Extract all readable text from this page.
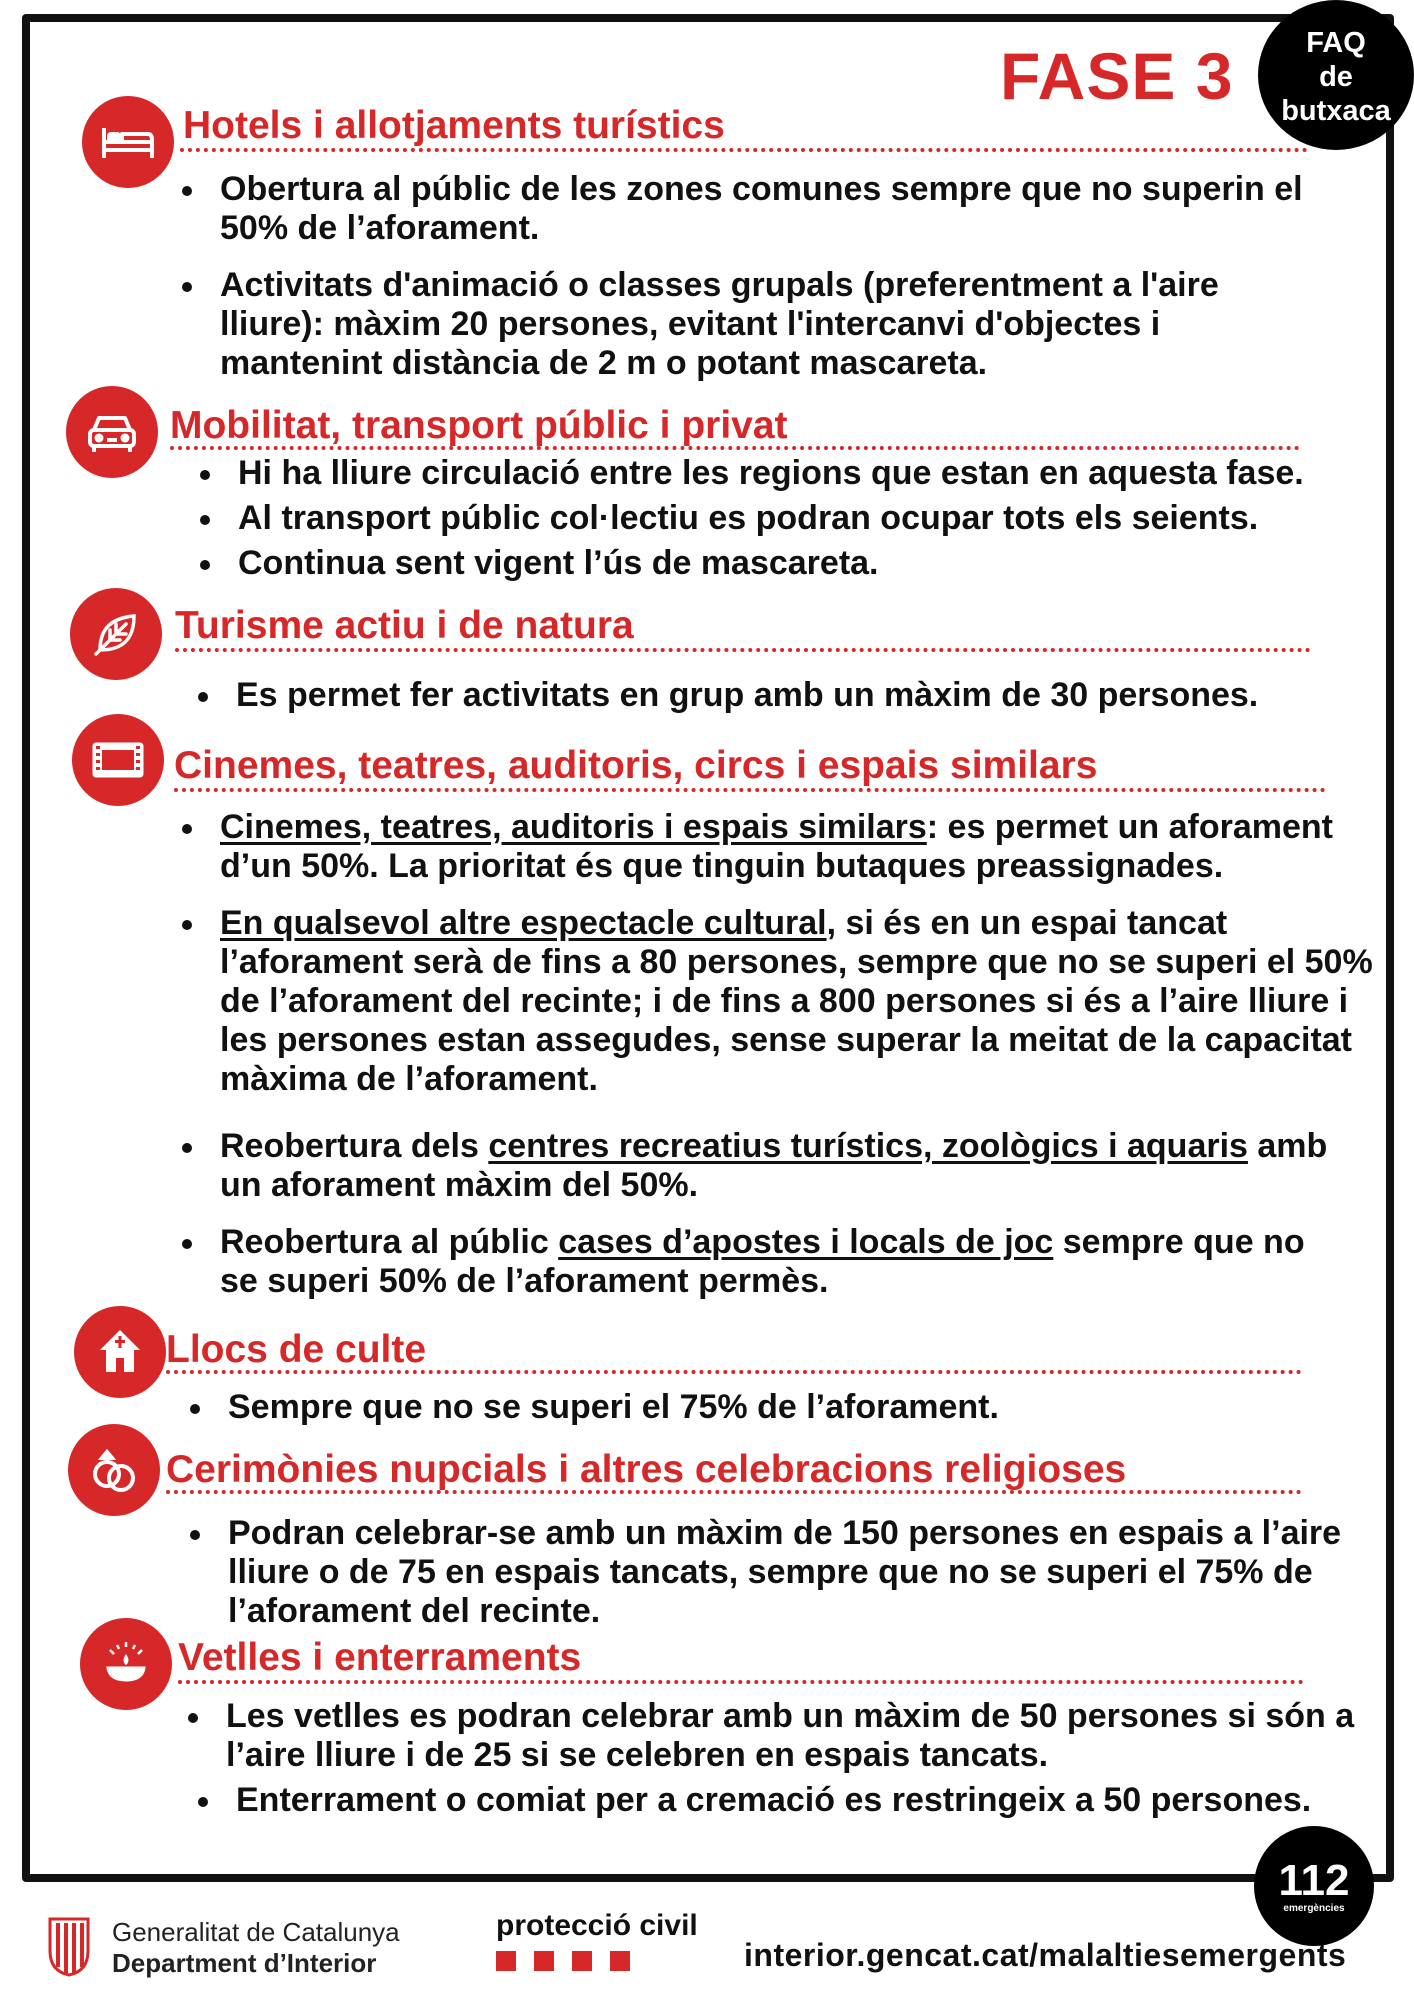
FAQ
de
butxaca
FASE 3
Hotels i allotjaments turístics
Obertura al públic de les zones comunes sempre que no superin el 50% de l’aforament.
Activitats d'animació o classes grupals (preferentment a l'aire lliure): màxim 20 persones, evitant l'intercanvi d'objectes i mantenint distància de 2 m o potant mascareta.
Mobilitat, transport públic i privat
Hi ha lliure circulació entre les regions que estan en aquesta fase.
Al transport públic col·lectiu es podran ocupar tots els seients.
Continua sent vigent l’ús de mascareta.
Turisme actiu i de natura
Es permet fer activitats en grup amb un màxim de 30 persones.
Cinemes, teatres, auditoris, circs i espais similars
Cinemes, teatres, auditoris i espais similars: es permet un aforament d’un 50%. La prioritat és que tinguin butaques preassignades.
En qualsevol altre espectacle cultural, si és en un espai tancat l’aforament serà de fins a 80 persones, sempre que no se superi el 50% de l’aforament del recinte; i de fins a 800 persones si és a l’aire lliure i les persones estan assegudes, sense superar la meitat de la capacitat màxima de l’aforament.
Reobertura dels centres recreatius turístics, zoològics i aquaris amb un aforament màxim del 50%.
Reobertura al públic cases d’apostes i locals de joc sempre que no se superi 50% de l’aforament permès.
Llocs de culte
Sempre que no se superi el 75% de l’aforament.
Cerimònies nupcials i altres celebracions religioses
Podran celebrar-se amb un màxim de 150 persones en espais a l’aire lliure o de 75 en espais tancats, sempre que no se superi el 75% de l’aforament del recinte.
Vetlles i enterraments
Les vetlles es podran celebrar amb un màxim de 50 persones si són a l’aire lliure i de 25 si se celebren en espais tancats.
Enterrament o comiat per a cremació es restringeix a 50 persones.
112
emergències
Generalitat de Catalunya
Department d’Interior
protecció civil
interior.gencat.cat/malaltiesemergents
